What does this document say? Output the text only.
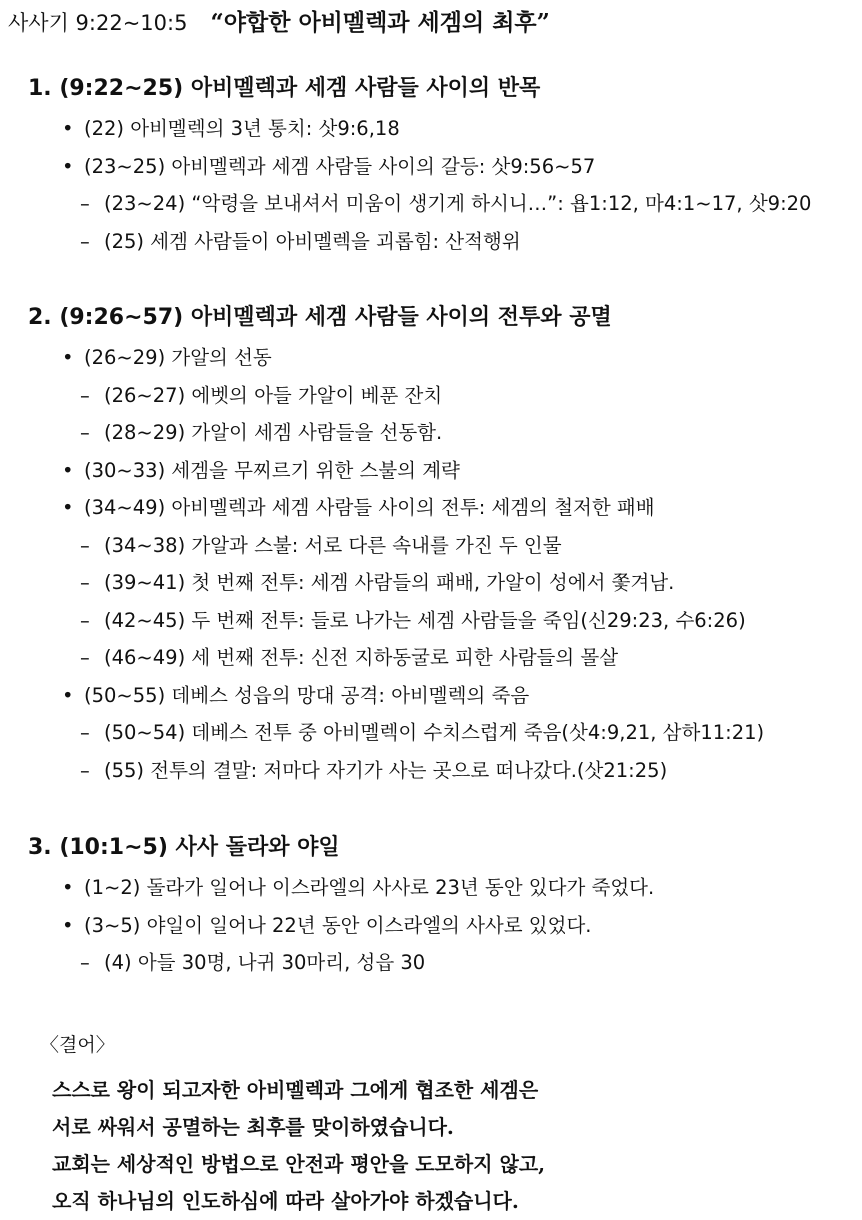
사사기 9:22~10:5 “야합한 아비멜렉과 세겜의 최후”
1. (9:22~25) 아비멜렉과 세겜 사람들 사이의 반목
• (22) 아비멜렉의 3년 통치: 삿9:6,18
• (23~25) 아비멜렉과 세겜 사람들 사이의 갈등: 삿9:56~57
– (23~24) “악령을 보내셔서 미움이 생기게 하시니…”: 욥1:12, 마4:1~17, 삿9:20
– (25) 세겜 사람들이 아비멜렉을 괴롭힘: 산적행위
2. (9:26~57) 아비멜렉과 세겜 사람들 사이의 전투와 공멸
• (26~29) 가알의 선동
– (26~27) 에벳의 아들 가알이 베푼 잔치
– (28~29) 가알이 세겜 사람들을 선동함.
• (30~33) 세겜을 무찌르기 위한 스불의 계략
• (34~49) 아비멜렉과 세겜 사람들 사이의 전투: 세겜의 철저한 패배
– (34~38) 가알과 스불: 서로 다른 속내를 가진 두 인물
– (39~41) 첫 번째 전투: 세겜 사람들의 패배, 가알이 성에서 쫓겨남.
– (42~45) 두 번째 전투: 들로 나가는 세겜 사람들을 죽임(신29:23, 수6:26)
– (46~49) 세 번째 전투: 신전 지하동굴로 피한 사람들의 몰살
• (50~55) 데베스 성읍의 망대 공격: 아비멜렉의 죽음
– (50~54) 데베스 전투 중 아비멜렉이 수치스럽게 죽음(삿4:9,21, 삼하11:21)
– (55) 전투의 결말: 저마다 자기가 사는 곳으로 떠나갔다.(삿21:25)
3. (10:1~5) 사사 돌라와 야일
• (1~2) 돌라가 일어나 이스라엘의 사사로 23년 동안 있다가 죽었다.
• (3~5) 야일이 일어나 22년 동안 이스라엘의 사사로 있었다.
– (4) 아들 30명, 나귀 30마리, 성읍 30
〈결어〉
스스로 왕이 되고자한 아비멜렉과 그에게 협조한 세겜은
서로 싸워서 공멸하는 최후를 맞이하였습니다.
교회는 세상적인 방법으로 안전과 평안을 도모하지 않고,
오직 하나님의 인도하심에 따라 살아가야 하겠습니다.
